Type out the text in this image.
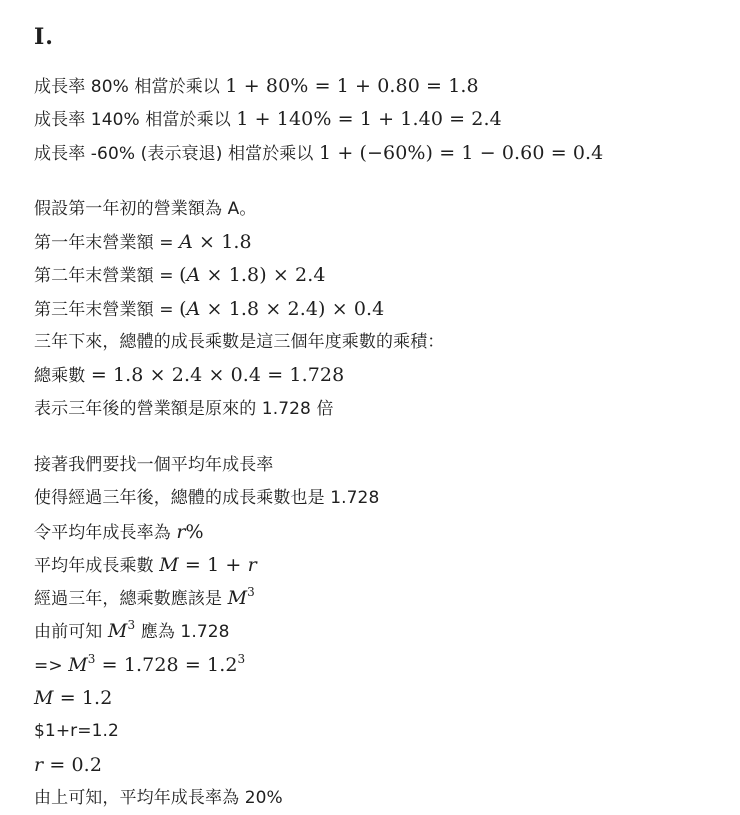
I.
成長率 80% 相當於乘以 1 + 80% = 1 + 0.80 = 1.8
成長率 140% 相當於乘以 1 + 140% = 1 + 1.40 = 2.4
成長率 -60% (表示衰退) 相當於乘以 1 + (−60%) = 1 − 0.60 = 0.4
假設第一年初的營業額為 A。
第一年末營業額 = A × 1.8
第二年末營業額 = (A × 1.8) × 2.4
第三年末營業額 = (A × 1.8 × 2.4) × 0.4
三年下來，總體的成長乘數是這三個年度乘數的乘積：
總乘數 = 1.8 × 2.4 × 0.4 = 1.728
表示三年後的營業額是原來的 1.728 倍
接著我們要找一個平均年成長率
使得經過三年後，總體的成長乘數也是 1.728
令平均年成長率為 r%
平均年成長乘數 M = 1 + r
經過三年，總乘數應該是 $M^3$
由前可知 $M^3$ 應為 1.728
=> $M^3 = 1.728 = 1.2^3$
M = 1.2
$1+r=1.2
r = 0.2
由上可知，平均年成長率為 20%
